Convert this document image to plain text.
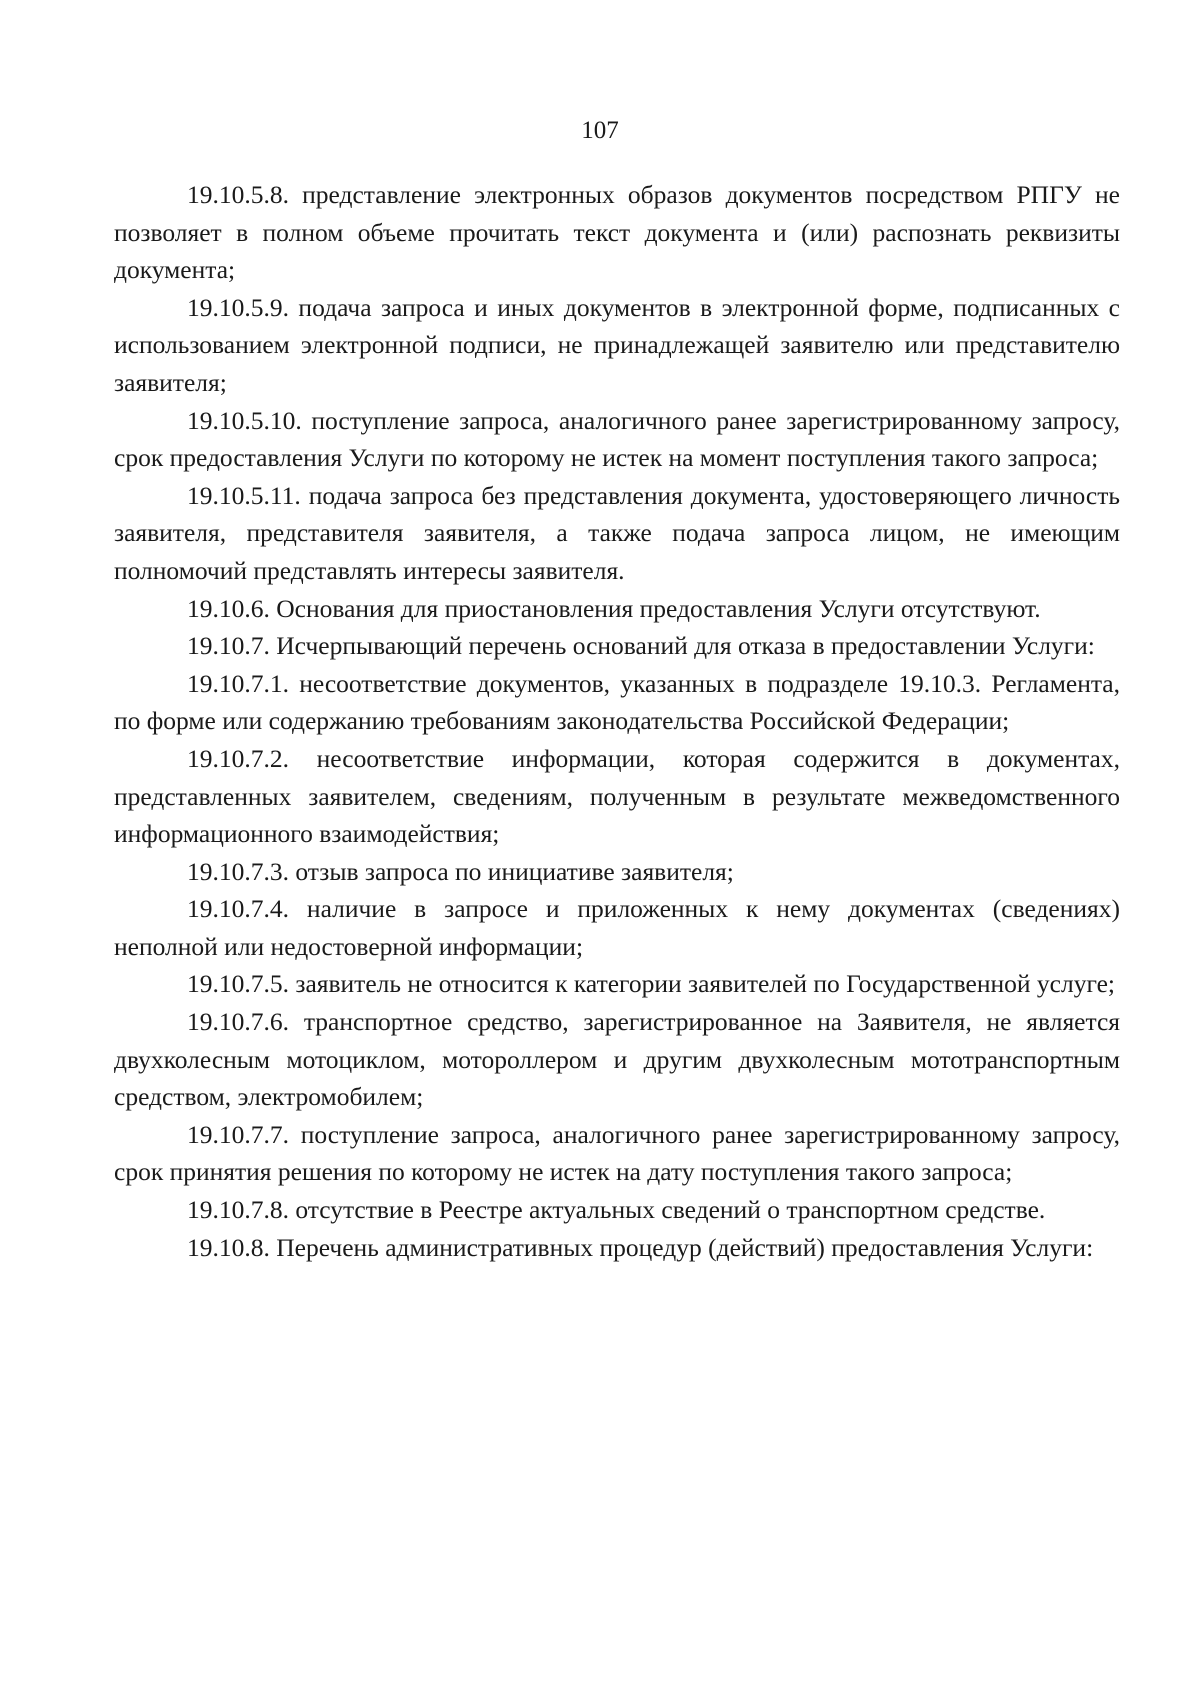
107

19.10.5.8. представление электронных образов документов посредством РПГУ не позволяет в полном объеме прочитать текст документа и (или) распознать реквизиты документа;

19.10.5.9. подача запроса и иных документов в электронной форме, подписанных с использованием электронной подписи, не принадлежащей заявителю или представителю заявителя;

19.10.5.10. поступление запроса, аналогичного ранее зарегистрированному запросу, срок предоставления Услуги по которому не истек на момент поступления такого запроса;

19.10.5.11. подача запроса без представления документа, удостоверяющего личность заявителя, представителя заявителя, а также подача запроса лицом, не имеющим полномочий представлять интересы заявителя.

19.10.6. Основания для приостановления предоставления Услуги отсутствуют.

19.10.7. Исчерпывающий перечень оснований для отказа в предоставлении Услуги:

19.10.7.1. несоответствие документов, указанных в подразделе 19.10.3. Регламента, по форме или содержанию требованиям законодательства Российской Федерации;

19.10.7.2. несоответствие информации, которая содержится в документах, представленных заявителем, сведениям, полученным в результате межведомственного информационного взаимодействия;

19.10.7.3. отзыв запроса по инициативе заявителя;

19.10.7.4. наличие в запросе и приложенных к нему документах (сведениях) неполной или недостоверной информации;

19.10.7.5. заявитель не относится к категории заявителей по Государственной услуге;

19.10.7.6. транспортное средство, зарегистрированное на Заявителя, не является двухколесным мотоциклом, мотороллером и другим двухколесным мототранспортным средством, электромобилем;

19.10.7.7. поступление запроса, аналогичного ранее зарегистрированному запросу, срок принятия решения по которому не истек на дату поступления такого запроса;

19.10.7.8. отсутствие в Реестре актуальных сведений о транспортном средстве.

19.10.8. Перечень административных процедур (действий) предоставления Услуги:
